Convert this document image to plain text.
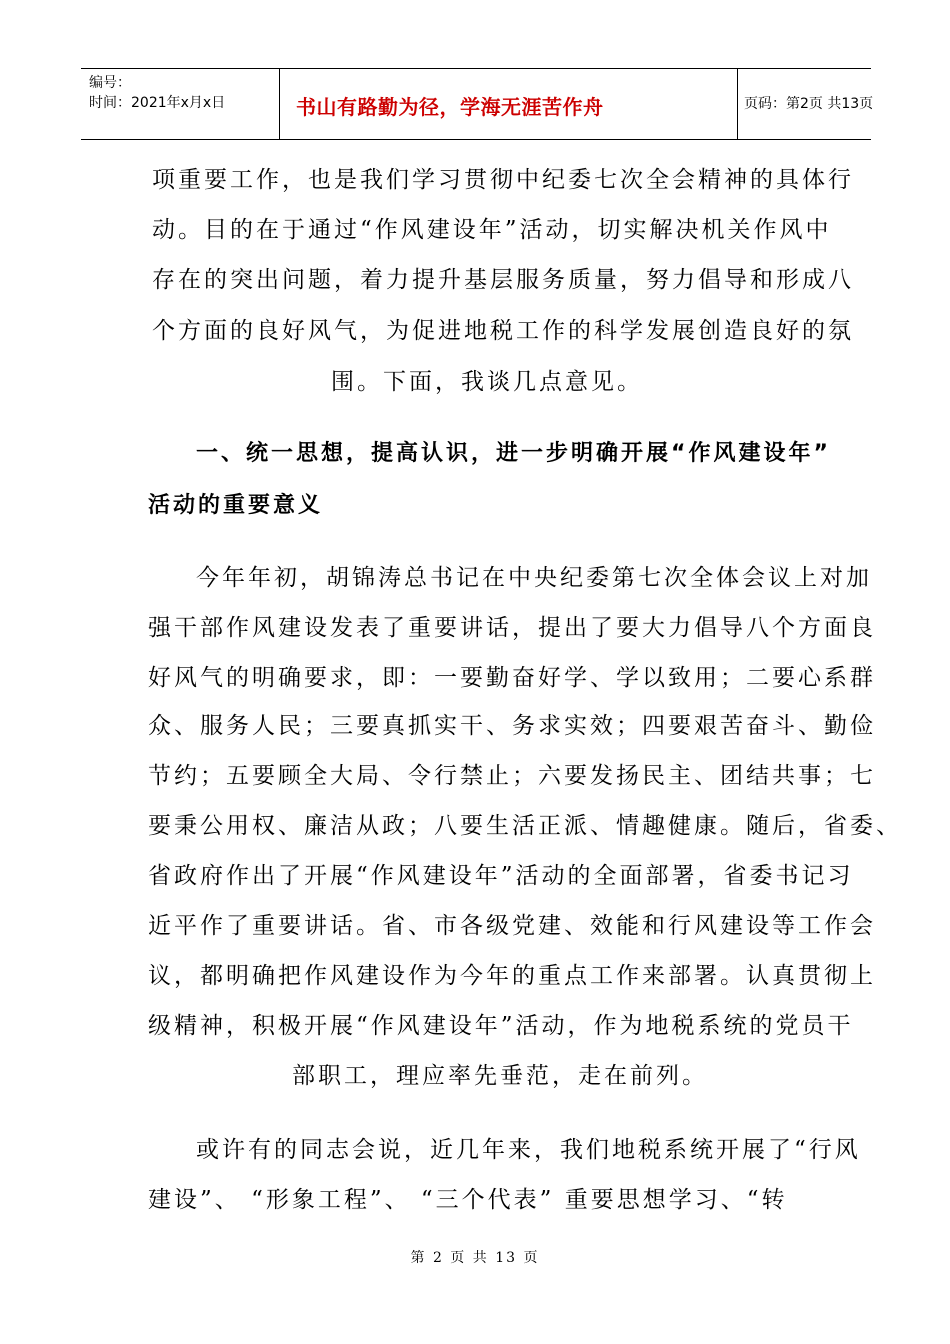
编号：
时间：2021年x月x日	书山有路勤为径，学海无涯苦作舟	页码：第2页 共13页
项重要工作，也是我们学习贯彻中纪委七次全会精神的具体行
动。目的在于通过“作风建设年”活动，切实解决机关作风中
存在的突出问题，着力提升基层服务质量，努力倡导和形成八
个方面的良好风气，为促进地税工作的科学发展创造良好的氛
围。下面，我谈几点意见。
一、统一思想，提高认识，进一步明确开展“作风建设年”
活动的重要意义
今年年初，胡锦涛总书记在中央纪委第七次全体会议上对加
强干部作风建设发表了重要讲话，提出了要大力倡导八个方面良
好风气的明确要求，即：一要勤奋好学、学以致用；二要心系群
众、服务人民；三要真抓实干、务求实效；四要艰苦奋斗、勤俭
节约；五要顾全大局、令行禁止；六要发扬民主、团结共事；七
要秉公用权、廉洁从政；八要生活正派、情趣健康。随后，省委、
省政府作出了开展“作风建设年”活动的全面部署，省委书记习
近平作了重要讲话。省、市各级党建、效能和行风建设等工作会
议，都明确把作风建设作为今年的重点工作来部署。认真贯彻上
级精神，积极开展“作风建设年”活动，作为地税系统的党员干
部职工，理应率先垂范，走在前列。
或许有的同志会说，近几年来，我们地税系统开展了“行风
建设”、 “形象工程”、 “三个代表” 重要思想学习、“转
第 2 页 共 13 页
